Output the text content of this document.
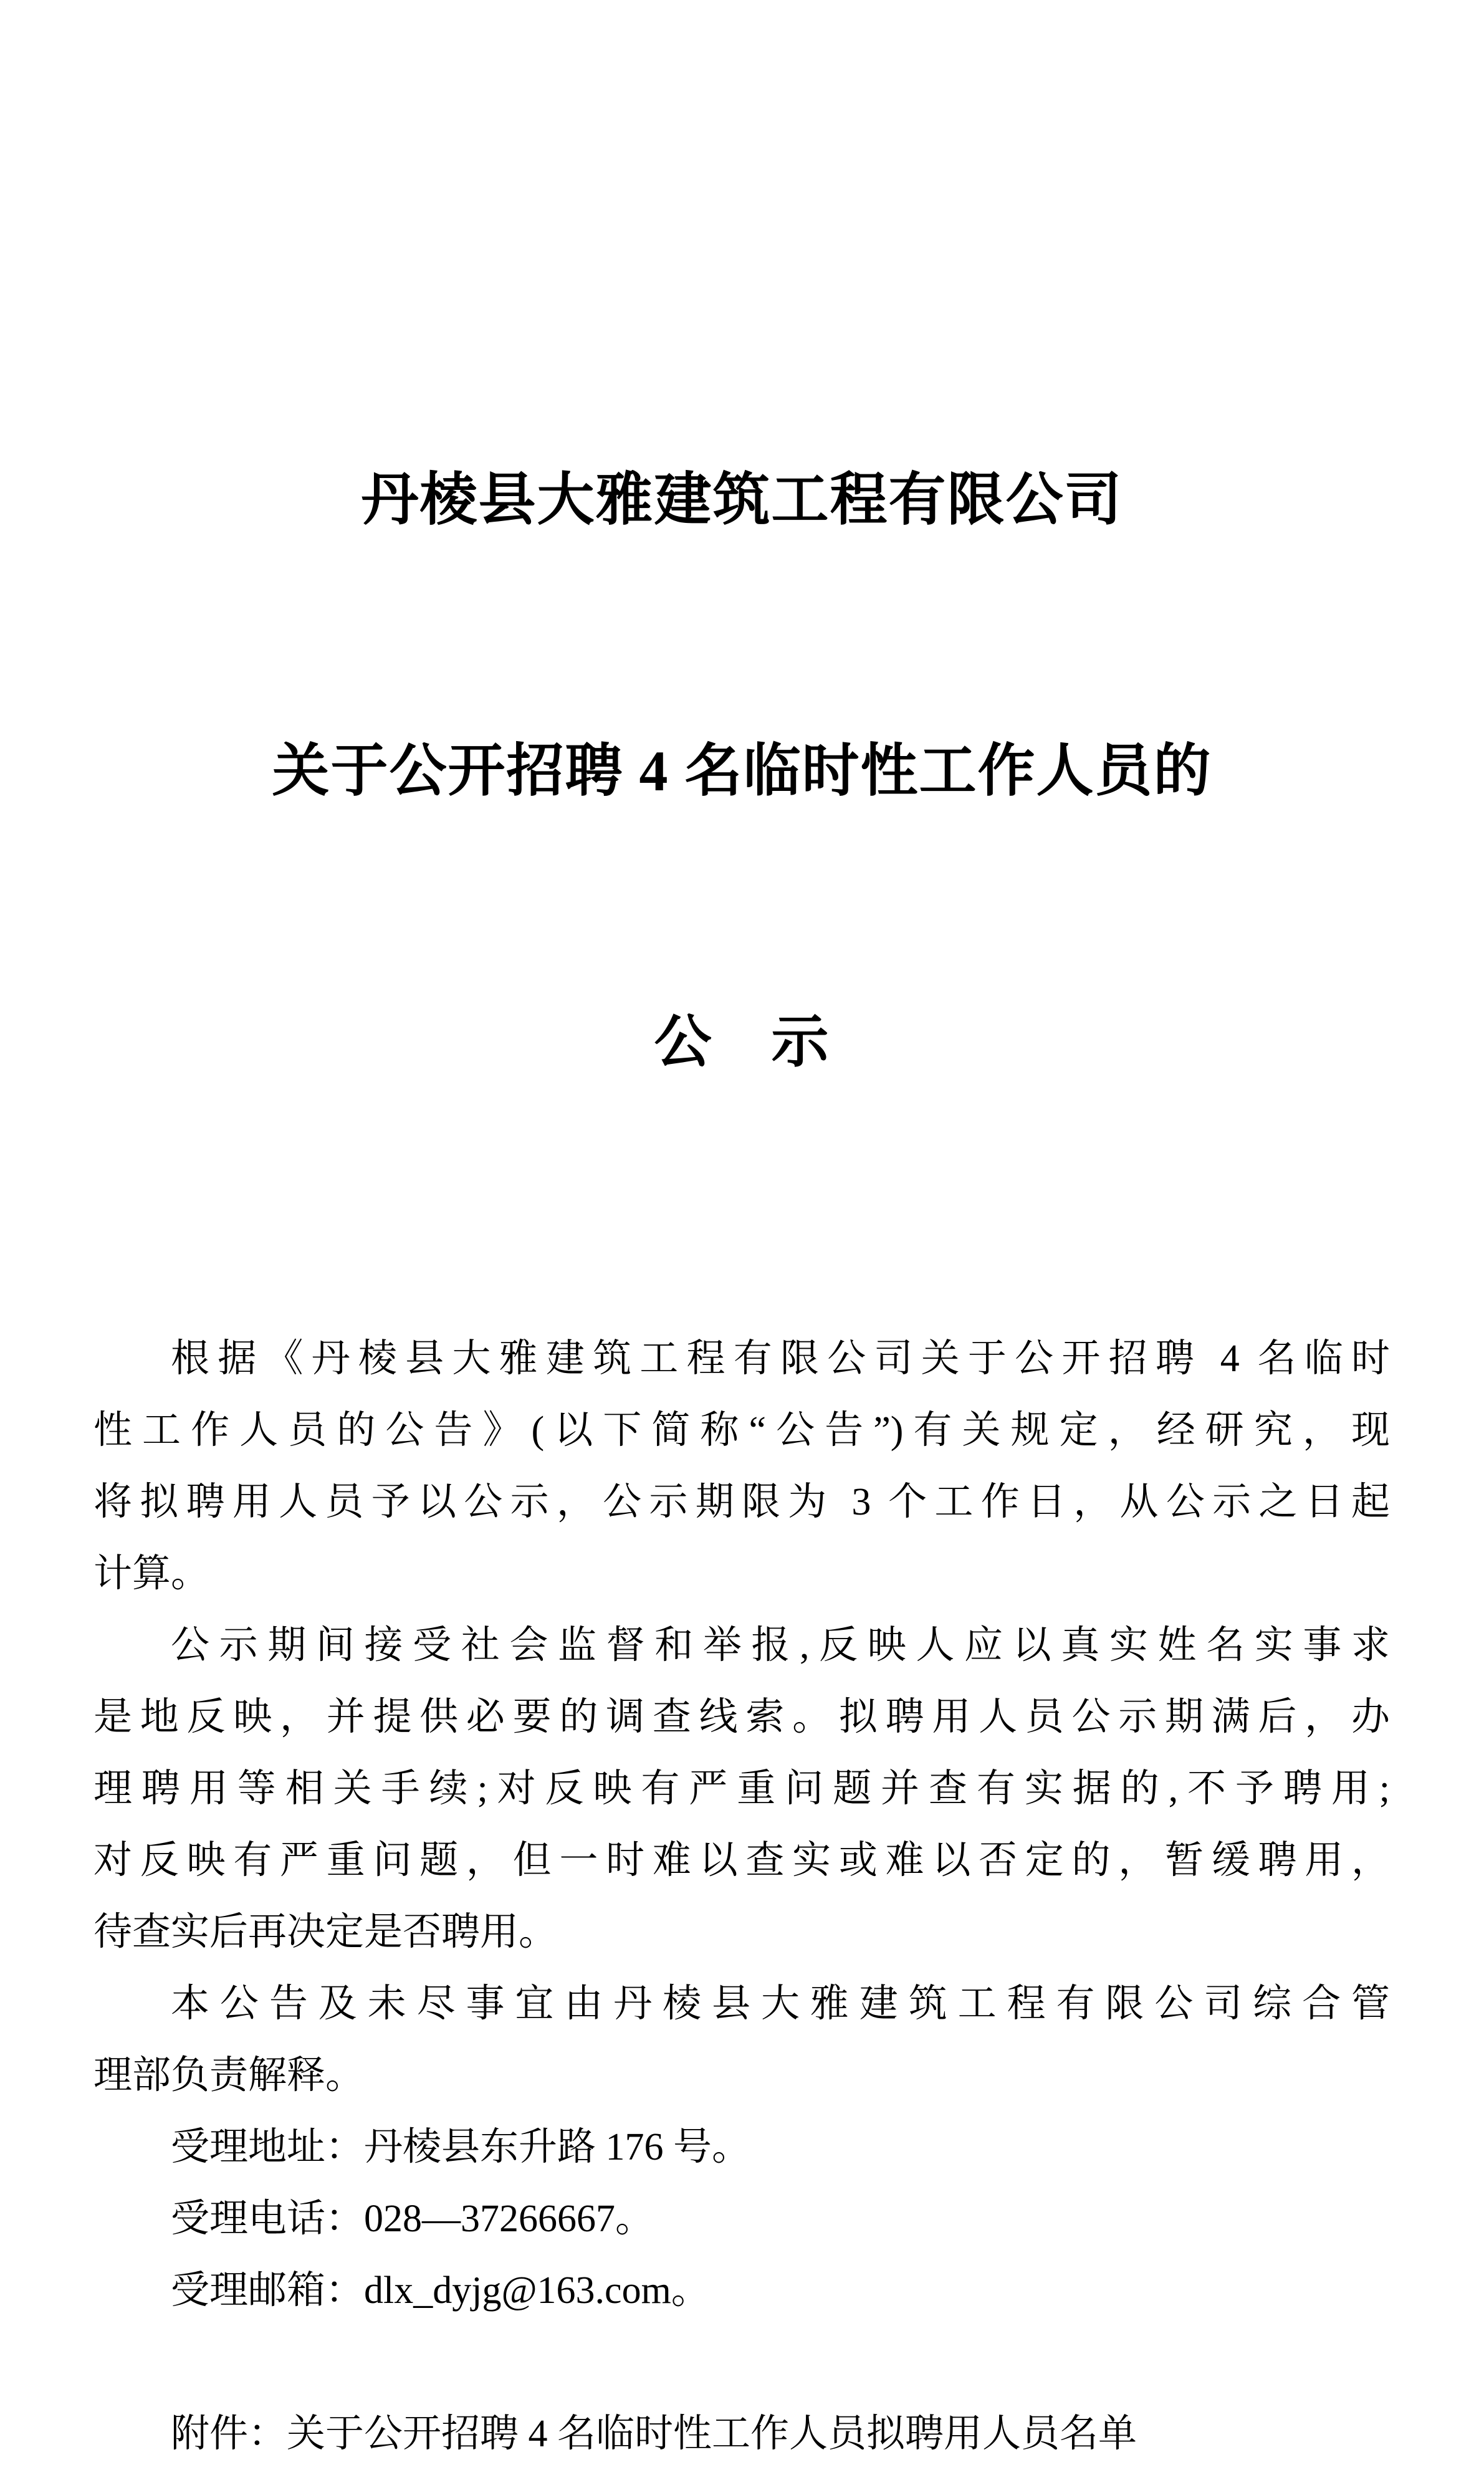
丹棱县大雅建筑工程有限公司

关于公开招聘 4 名临时性工作人员的

公　示

根据《丹棱县大雅建筑工程有限公司关于公开招聘 4 名临时
性工作人员的公告》(以下简称“公告”)有关规定，经研究，现
将拟聘用人员予以公示，公示期限为 3 个工作日，从公示之日起
计算。
公示期间接受社会监督和举报,反映人应以真实姓名实事求
是地反映，并提供必要的调查线索。拟聘用人员公示期满后，办
理聘用等相关手续;对反映有严重问题并查有实据的,不予聘用;
对反映有严重问题，但一时难以查实或难以否定的，暂缓聘用，
待查实后再决定是否聘用。
本公告及未尽事宜由丹棱县大雅建筑工程有限公司综合管
理部负责解释。
受理地址：丹棱县东升路 176 号。
受理电话：028—37266667。
受理邮箱：dlx_dyjg@163.com。
附件：关于公开招聘 4 名临时性工作人员拟聘用人员名单
